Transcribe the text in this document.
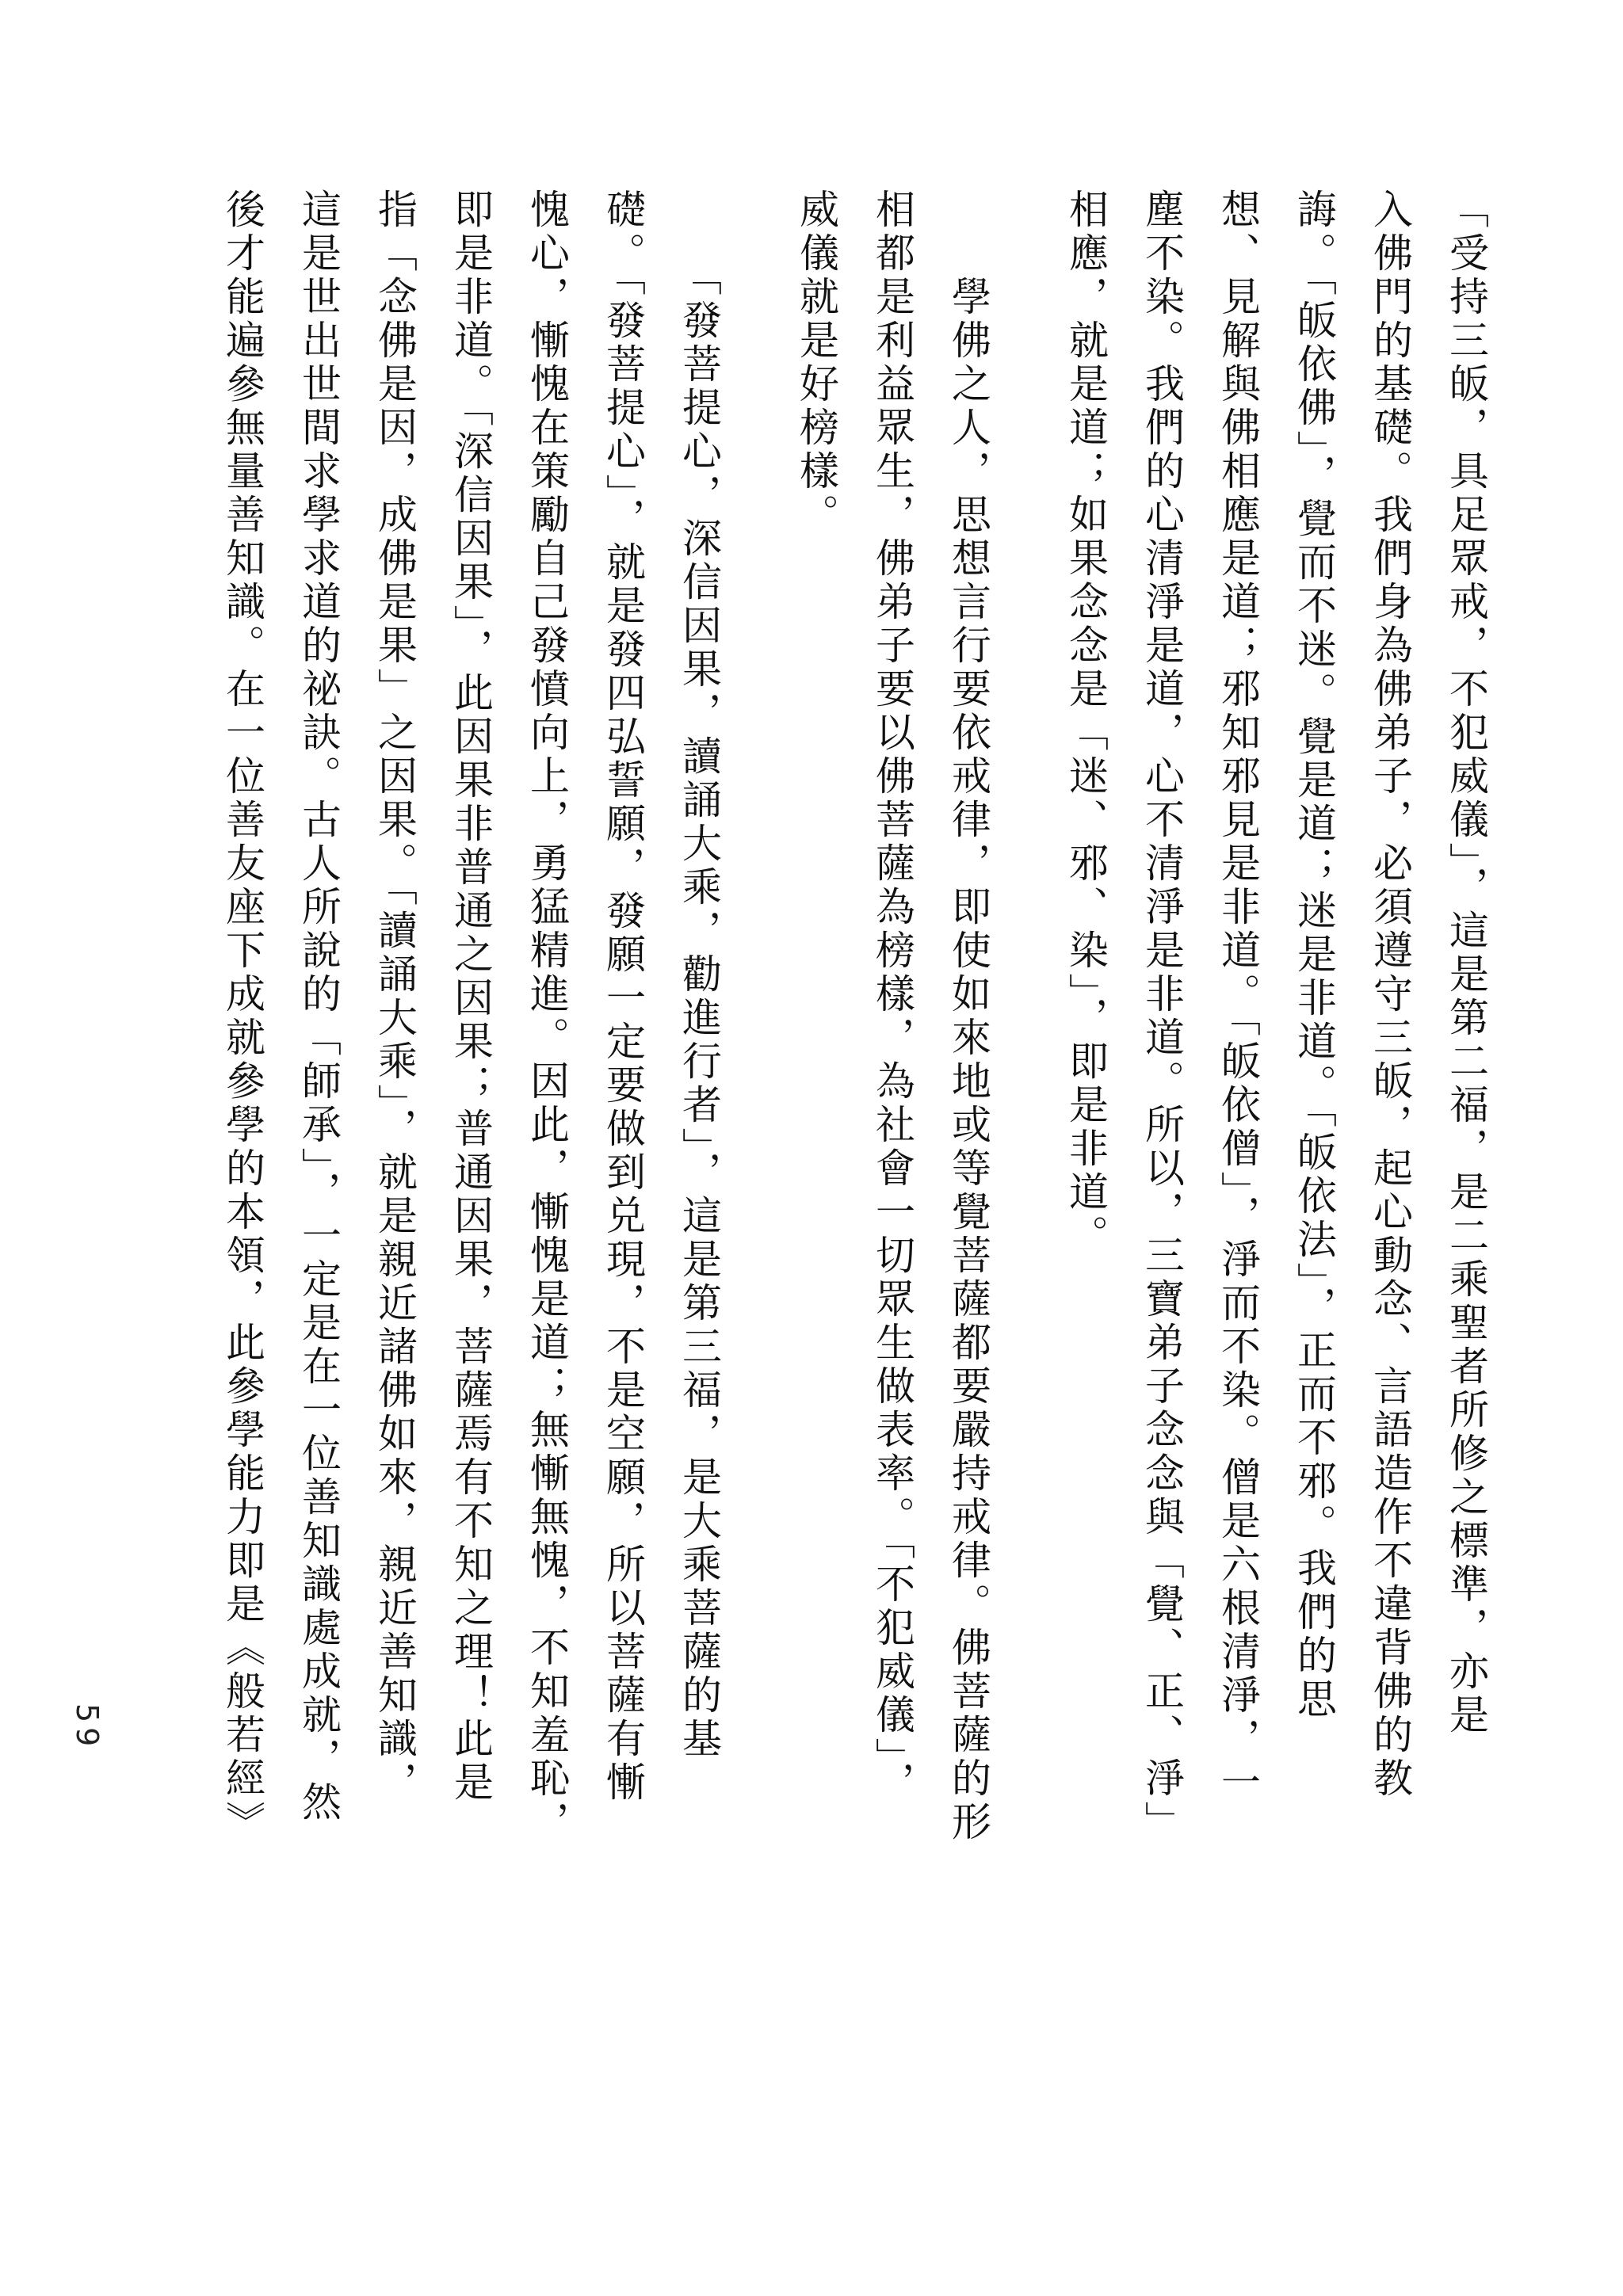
「受持三皈，具足眾戒，不犯威儀」，這是第二福，是二乘聖者所修之標準，亦是

入佛門的基礎。我們身為佛弟子，必須遵守三皈，起心動念、言語造作不違背佛的教

誨。「皈依佛」，覺而不迷。覺是道；迷是非道。「皈依法」，正而不邪。我們的思

想、見解與佛相應是道；邪知邪見是非道。「皈依僧」，淨而不染。僧是六根清淨，一

塵不染。我們的心清淨是道，心不清淨是非道。所以，三寶弟子念念與「覺、正、淨」

相應，就是道；如果念念是「迷、邪、染」，即是非道。

　　學佛之人，思想言行要依戒律，即使如來地或等覺菩薩都要嚴持戒律。佛菩薩的形

相都是利益眾生，佛弟子要以佛菩薩為榜樣，為社會一切眾生做表率。「不犯威儀」，

威儀就是好榜樣。

　　「發菩提心，深信因果，讀誦大乘，勸進行者」，這是第三福，是大乘菩薩的基

礎。「發菩提心」，就是發四弘誓願，發願一定要做到兑現，不是空願，所以菩薩有慚

愧心，慚愧在策勵自己發憤向上，勇猛精進。因此，慚愧是道；無慚無愧，不知羞恥，

即是非道。「深信因果」，此因果非普通之因果；普通因果，菩薩焉有不知之理！此是

指「念佛是因，成佛是果」之因果。「讀誦大乘」，就是親近諸佛如來，親近善知識，

這是世出世間求學求道的祕訣。古人所說的「師承」，一定是在一位善知識處成就，然

後才能遍參無量善知識。在一位善友座下成就參學的本領，此參學能力即是《般若經》

59
